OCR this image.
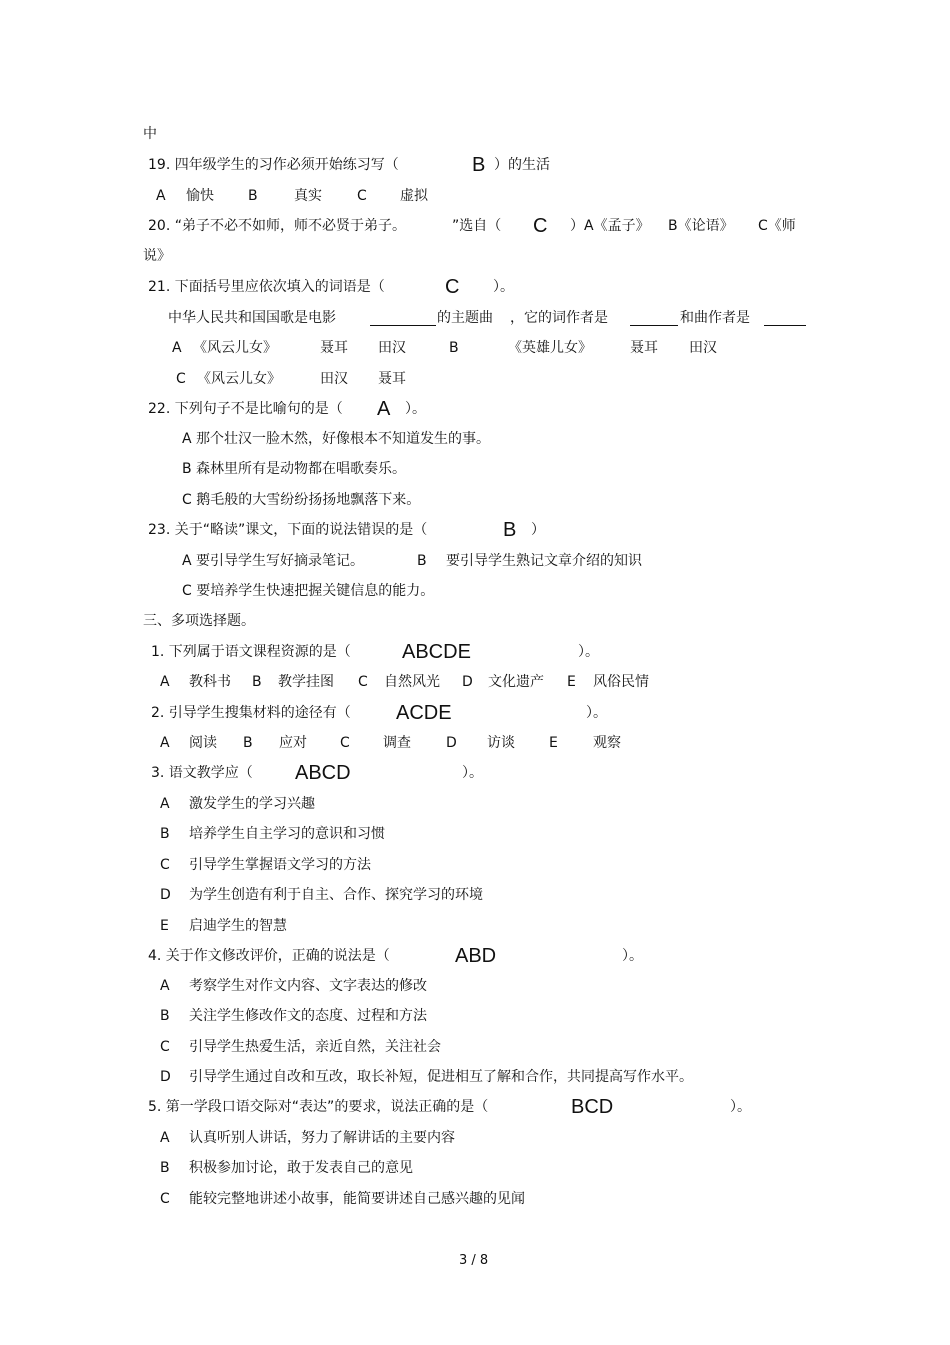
中
19. 四年级学生的习作必须开始练习写（	B ）的生活
A 愉快 B	真实	C 虚拟
20. “弟子不必不如师，师不必贤于弟子。	”选自（ C ）A《孟子》 B《论语》 C《师
说》
21. 下面括号里应依次填入的词语是（	C ）。
中华人民共和国国歌是电影	的主题曲 ，它的词作者是	和曲作者是
A 《风云儿女》	聂耳 田汉	B	《英雄儿女》	聂耳 田汉
C 《风云儿女》	田汉 聂耳
22. 下列句子不是比喻句的是（ A ）。
A 那个壮汉一脸木然，好像根本不知道发生的事。
B 森林里所有是动物都在唱歌奏乐。
C 鹅毛般的大雪纷纷扬扬地飘落下来。
23. 关于“略读”课文，下面的说法错误的是（	B ）
A 要引导学生写好摘录笔记。	B 要引导学生熟记文章介绍的知识
C 要培养学生快速把握关键信息的能力。
三、多项选择题。
1. 下列属于语文课程资源的是（	ABCDE	）。
A 教科书 B 教学挂图 C 自然风光 D 文化遗产 E 风俗民情
2. 引导学生搜集材料的途径有（ ACDE	）。
A 阅读 B 应对 C 调查	D 访谈 E	观察
3. 语文教学应（ ABCD	）。
A 激发学生的学习兴趣
B 培养学生自主学习的意识和习惯
C 引导学生掌握语文学习的方法
D 为学生创造有利于自主、合作、探究学习的环境
E 启迪学生的智慧
4. 关于作文修改评价，正确的说法是（	ABD	）。
A 考察学生对作文内容、文字表达的修改
B 关注学生修改作文的态度、过程和方法
C 引导学生热爱生活，亲近自然，关注社会
D 引导学生通过自改和互改，取长补短，促进相互了解和合作，共同提高写作水平。
5. 第一学段口语交际对“表达”的要求，说法正确的是（	BCD	）。
A 认真听别人讲话，努力了解讲话的主要内容
B 积极参加讨论，敢于发表自己的意见
C 能较完整地讲述小故事，能简要讲述自己感兴趣的见闻
3 / 8
